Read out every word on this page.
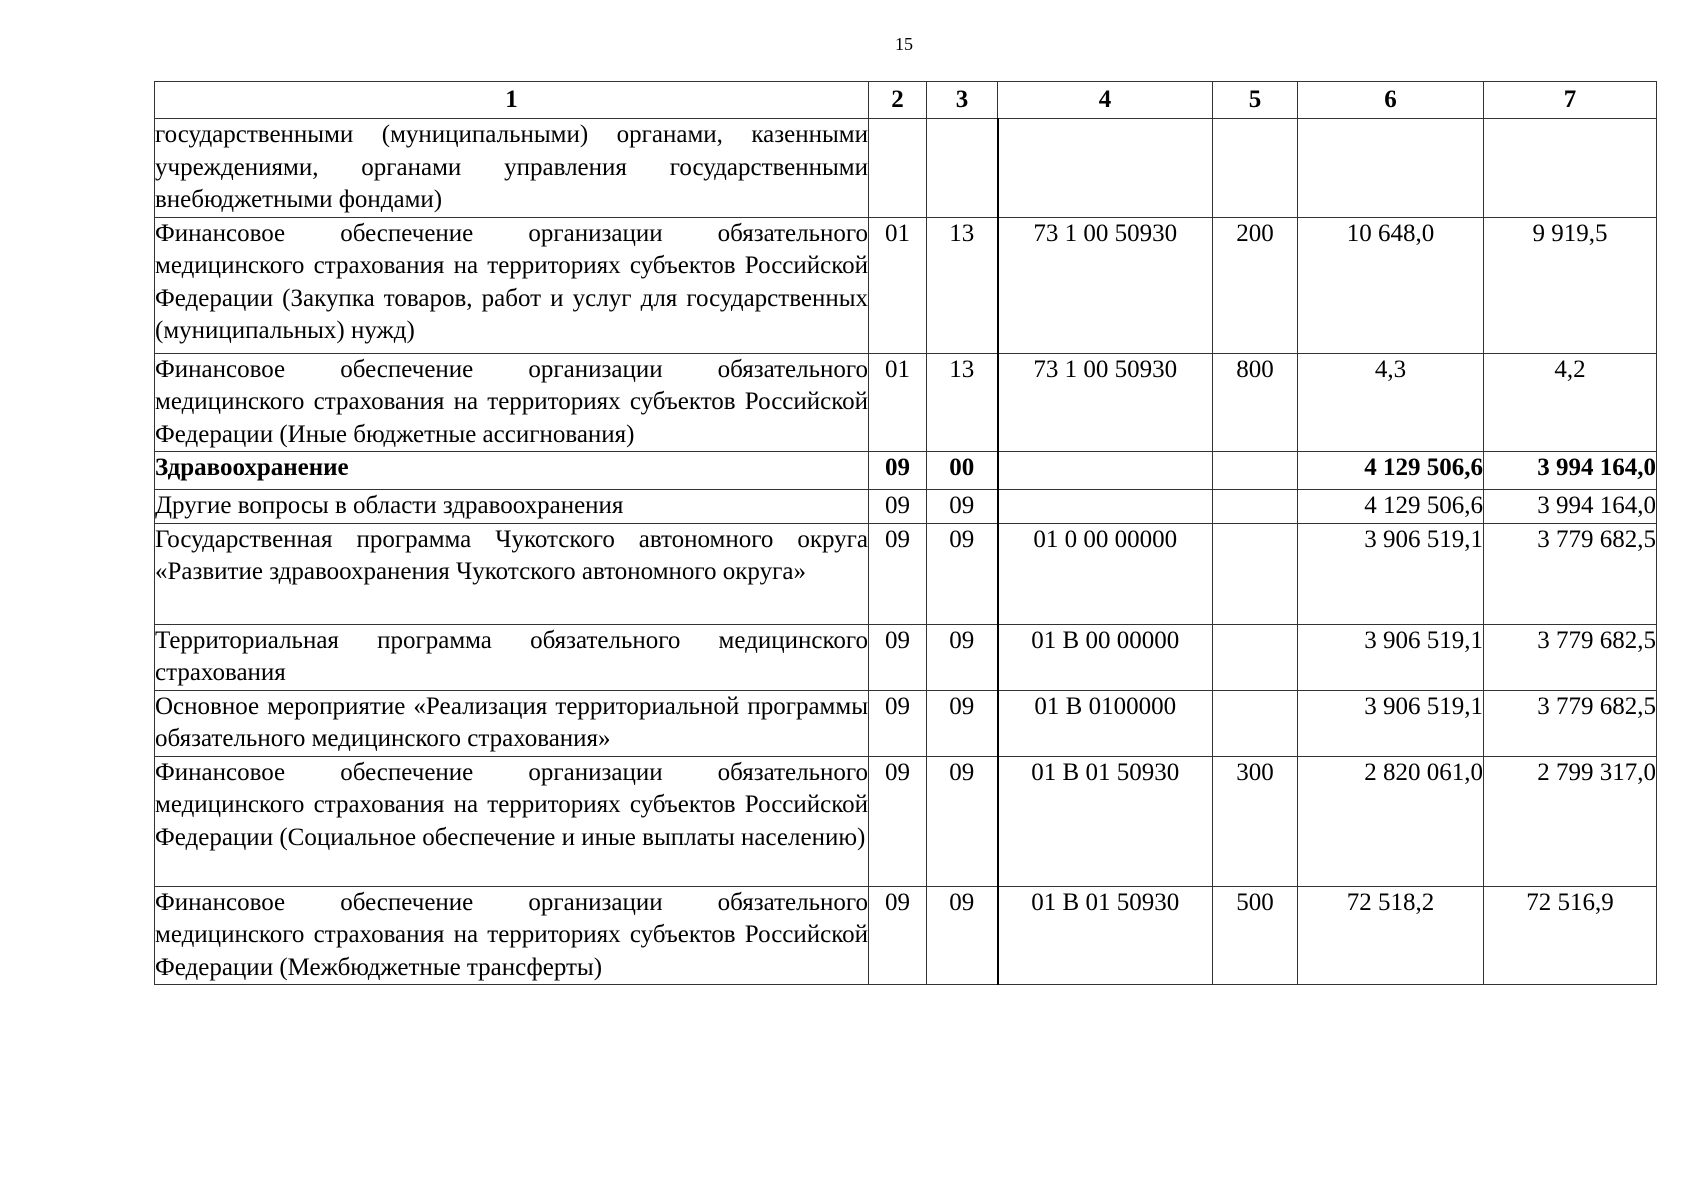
15
1	2	3	4	5	6	7
государственными (муниципальными) органами, казенными учреждениями, органами управления государственными внебюджетными фондами)						
Финансовое обеспечение организации обязательного медицинского страхования на территориях субъектов Российской Федерации (Закупка товаров, работ и услуг для государственных (муниципальных) нужд)	01	13	73 1 00 50930	200	10 648,0	9 919,5
Финансовое обеспечение организации обязательного медицинского страхования на территориях субъектов Российской Федерации (Иные бюджетные ассигнования)	01	13	73 1 00 50930	800	4,3	4,2
Здравоохранение	09	00			4 129 506,6	3 994 164,0
Другие вопросы в области здравоохранения	09	09			4 129 506,6	3 994 164,0
Государственная программа Чукотского автономного округа «Развитие здравоохранения Чукотского автономного округа»	09	09	01 0 00 00000		3 906 519,1	3 779 682,5
Территориальная программа обязательного медицинского страхования	09	09	01 В 00 00000		3 906 519,1	3 779 682,5
Основное мероприятие «Реализация территориальной программы обязательного медицинского страхования»	09	09	01 В 0100000		3 906 519,1	3 779 682,5
Финансовое обеспечение организации обязательного медицинского страхования на территориях субъектов Российской Федерации (Социальное обеспечение и иные выплаты населению)	09	09	01 В 01 50930	300	2 820 061,0	2 799 317,0
Финансовое обеспечение организации обязательного медицинского страхования на территориях субъектов Российской Федерации (Межбюджетные трансферты)	09	09	01 В 01 50930	500	72 518,2	72 516,9
